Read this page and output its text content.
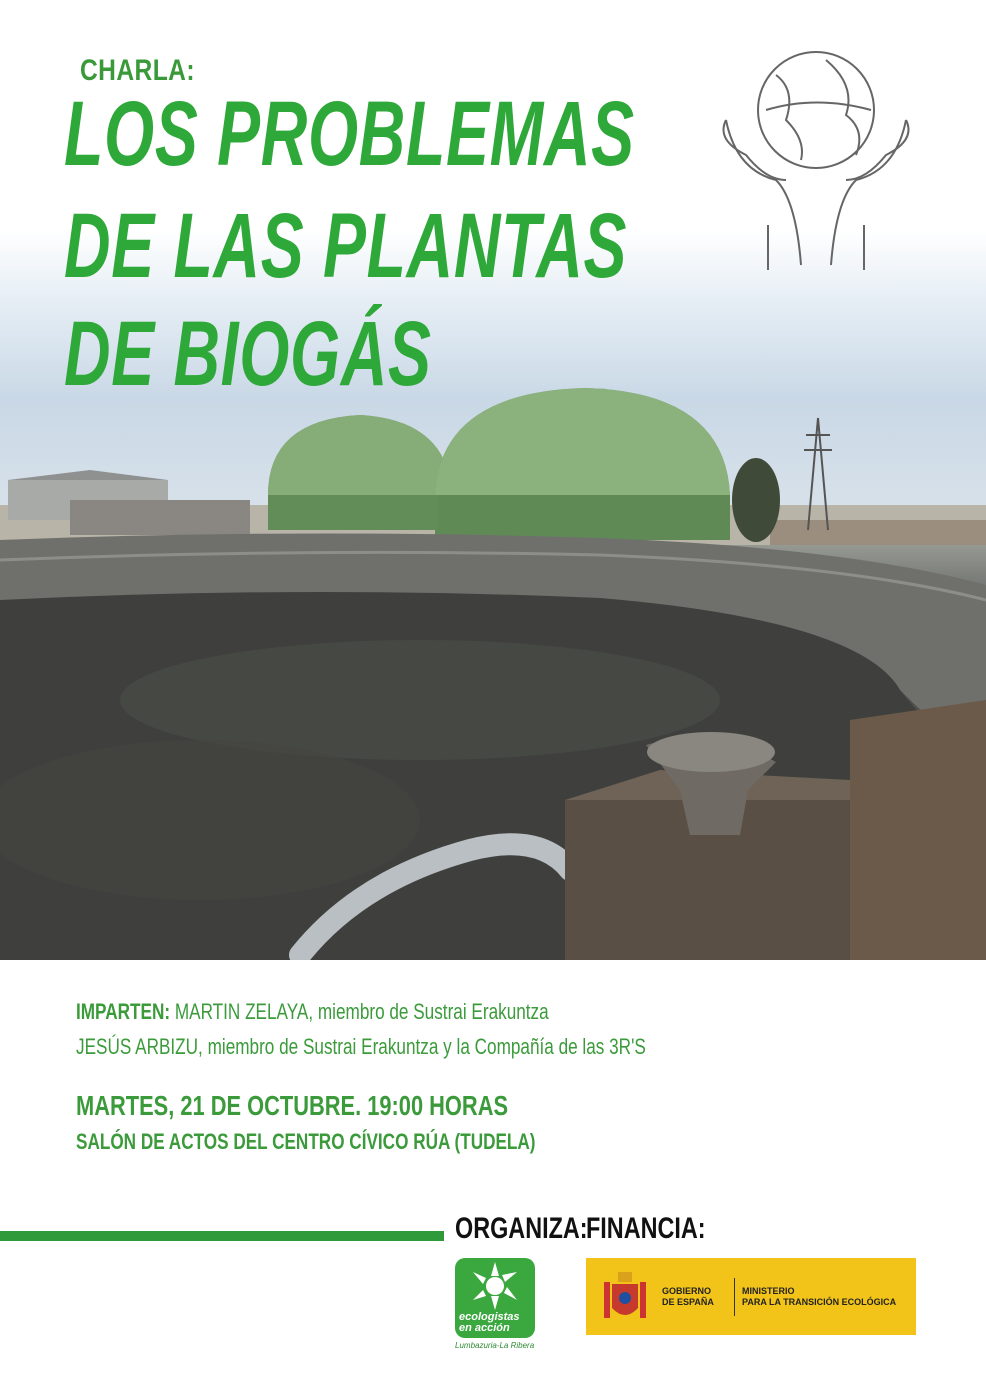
CHARLA:
LOS PROBLEMAS
DE LAS PLANTAS
DE BIOGÁS
IMPARTEN: MARTIN ZELAYA, miembro de Sustrai Erakuntza
JESÚS ARBIZU, miembro de Sustrai Erakuntza y la Compañía de las 3R'S
MARTES, 21 DE OCTUBRE. 19:00 HORAS
SALÓN DE ACTOS DEL CENTRO CÍVICO RÚA (TUDELA)
ORGANIZA:
FINANCIA:
ecologistas en acción
Lumbazuria-La Ribera
GOBIERNO
DE ESPAÑA
MINISTERIO
PARA LA TRANSICIÓN ECOLÓGICA
